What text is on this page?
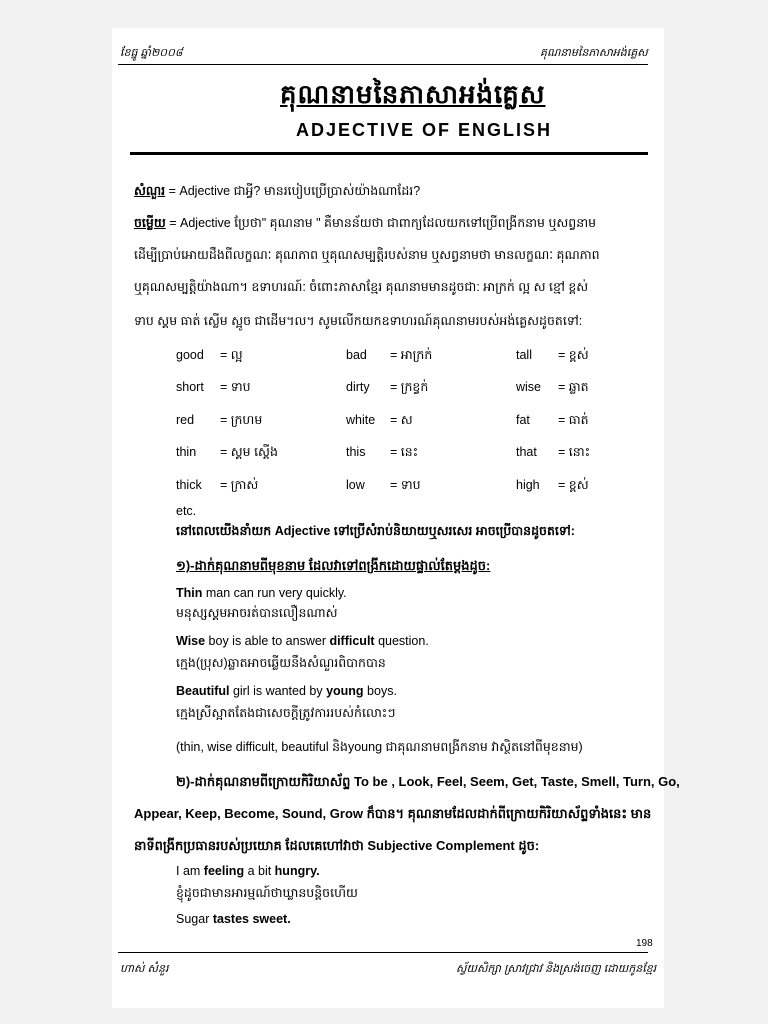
ខែធ្នូ ឆ្នាំ២០០៨	គុណនាមនៃភាសាអង់គ្លេស
គុណនាមនៃភាសាអង់គ្លេស
ADJECTIVE OF ENGLISH
សំណួរ = Adjective ជាអ្វី? មានរបៀបប្រើប្រាស់យ៉ាងណាដែរ?
ចម្លើយ = Adjective ប្រែថា" គុណនាម " គឺមានន័យថា ជាពាក្យដែលយកទៅប្រើពង្រីកនាម ឬសព្វនាម
ដើម្បីប្រាប់អោយដឹងពីលក្ខណៈ គុណភាព ឬគុណសម្បត្តិរបស់នាម ឬសព្វនាមថា មានលក្ខណៈ គុណភាព
ឬគុណសម្បត្តិយ៉ាងណា។ ឧទាហរណ៍: ចំពោះភាសាខ្មែរ គុណនាមមានដូចជា: អាក្រក់ ល្អ ស ខ្មៅ ខ្ពស់
ទាប ស្គម ធាត់ ស្លើម ស្អូច ជាដើម។ល។ សូមលើកយកឧទាហរណ៍គុណនាមរបស់អង់គ្លេសដូចតទៅ:
good = ល្អ	bad = អាក្រក់	tall = ខ្ពស់
short = ទាប	dirty = ក្រខ្វក់	wise = ឆ្លាត
red = ក្រហម	white = ស	fat = ធាត់
thin = ស្គម ស្តើង	this = នេះ	that = នោះ
thick = ក្រាស់	low = ទាប	high = ខ្ពស់
etc.
នៅពេលយើងនាំយក Adjective ទៅប្រើសំរាប់និយាយឬសរសេរ អាចប្រើបានដូចតទៅ:
១)-ដាក់គុណនាមពីមុខនាម ដែលវាទៅពង្រីកដោយផ្ទាល់តែម្តងដូច:
Thin man can run very quickly.
មនុស្សស្គមអាចរត់បានលឿនណាស់
Wise boy is able to answer difficult question.
ក្មេង(ប្រុស)ឆ្លាតអាចឆ្លើយនឹងសំណួរពិបាកបាន
Beautiful girl is wanted by young boys.
ក្មេងស្រីស្អាតតែងជាសេចក្តីត្រូវការរបស់កំលោះៗ
(thin, wise difficult, beautiful និងyoung ជាគុណនាមពង្រីកនាម វាស្ថិតនៅពីមុខនាម)
២)-ដាក់គុណនាមពីក្រោយកិរិយាស័ព្ទ To be , Look, Feel, Seem, Get, Taste, Smell, Turn, Go,
Appear, Keep, Become, Sound, Grow ក៏បាន។ គុណនាមដែលដាក់ពីក្រោយកិរិយាស័ព្ទទាំងនេះ មាន
នាទីពង្រីកប្រធានរបស់ប្រយោគ ដែលគេហៅវាថា Subjective Complement ដូច:
I am feeling a bit hungry.
ខ្ញុំដូចជាមានអារម្មណ៍ថាឃ្លានបន្តិចហើយ
Sugar tastes sweet.
198
ហាស់ សំនួរ	ស្វ័យសិក្សា ស្រាវជ្រាវ និងស្រង់ចេញ ដោយកូនខ្មែរ
